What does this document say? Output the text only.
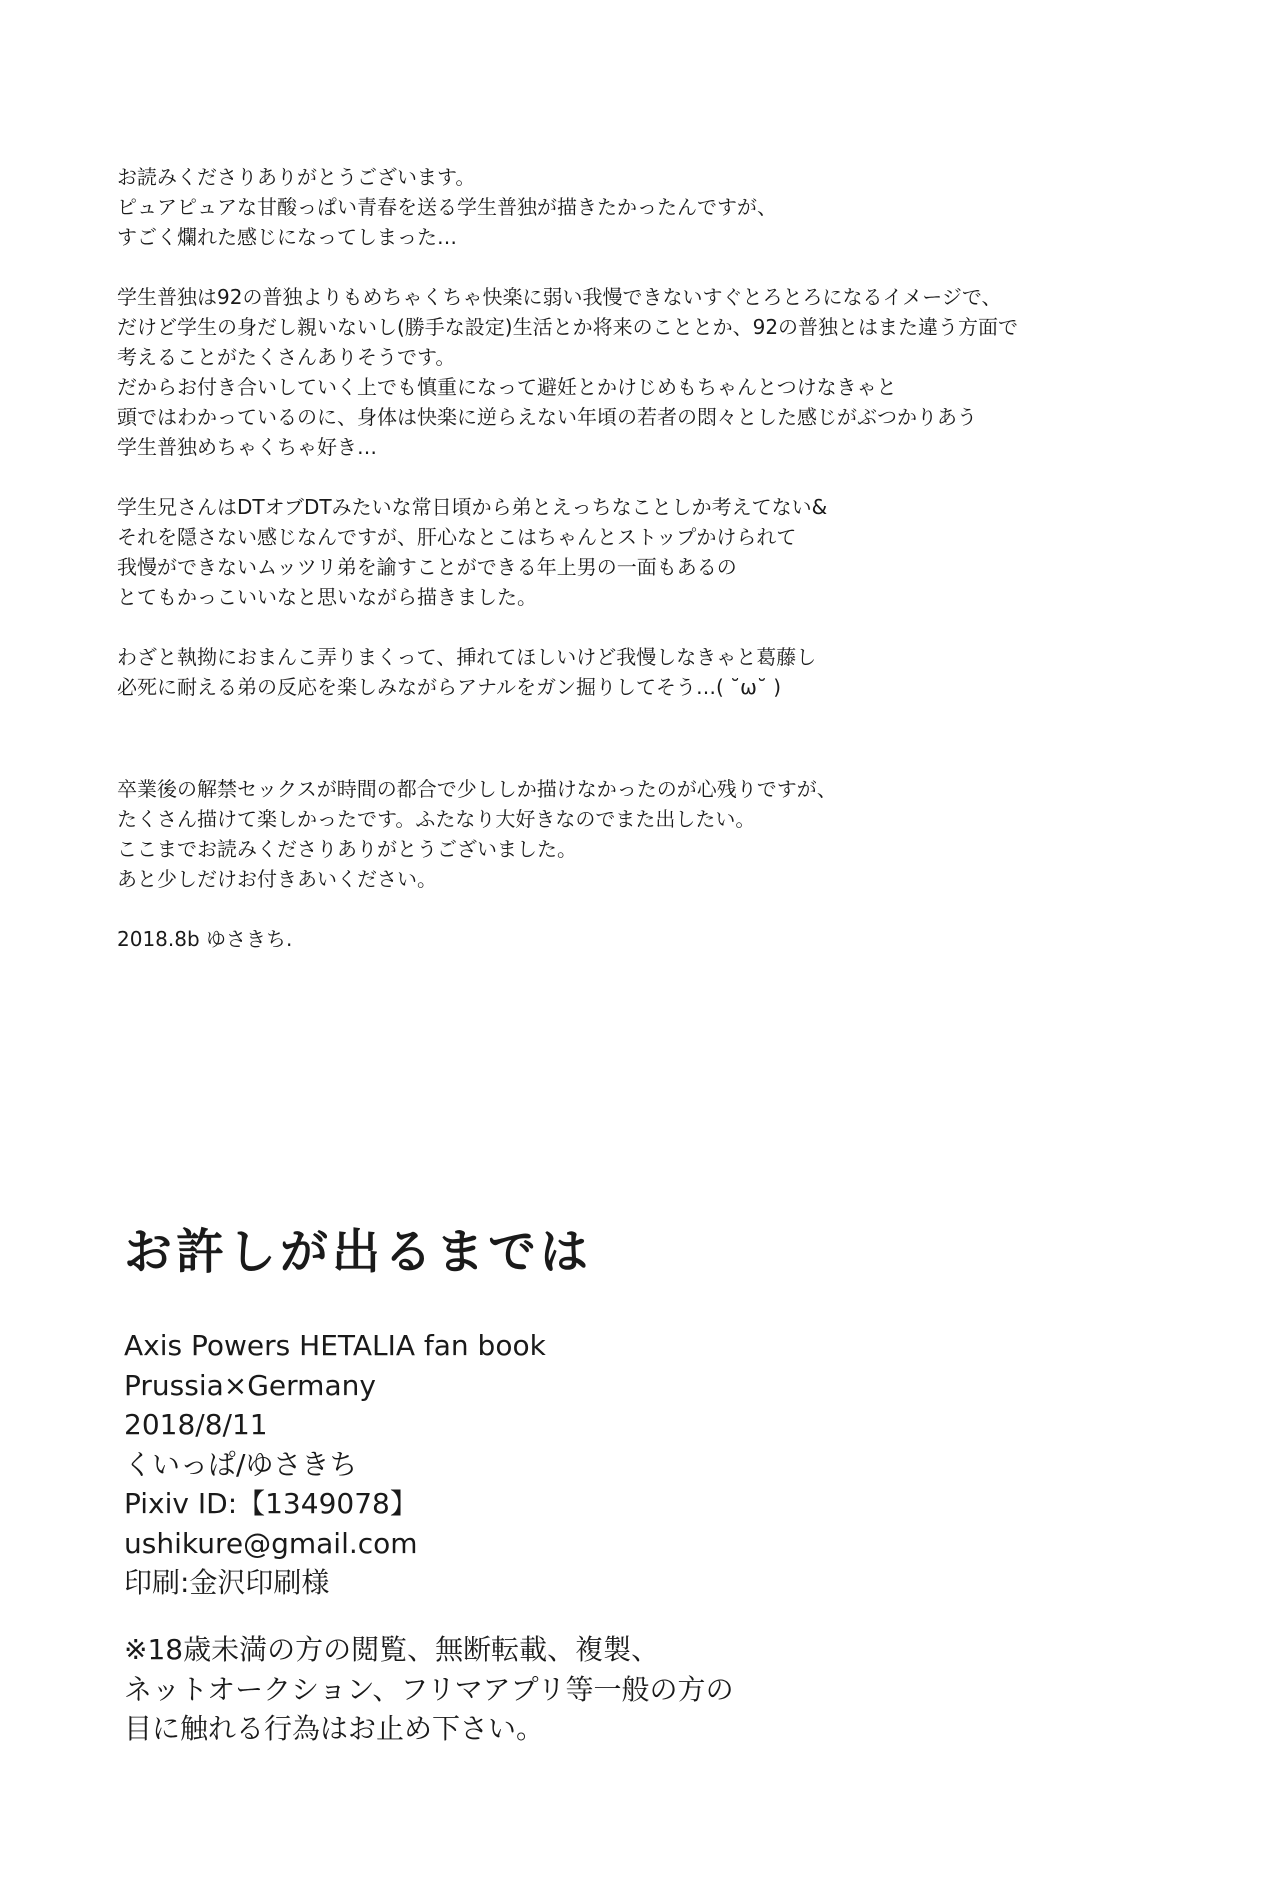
お読みくださりありがとうございます。
ピュアピュアな甘酸っぱい青春を送る学生普独が描きたかったんですが、
すごく爛れた感じになってしまった…
学生普独は92の普独よりもめちゃくちゃ快楽に弱い我慢できないすぐとろとろになるイメージで、
だけど学生の身だし親いないし(勝手な設定)生活とか将来のこととか、92の普独とはまた違う方面で
考えることがたくさんありそうです。
だからお付き合いしていく上でも慎重になって避妊とかけじめもちゃんとつけなきゃと
頭ではわかっているのに、身体は快楽に逆らえない年頃の若者の悶々とした感じがぶつかりあう
学生普独めちゃくちゃ好き…
学生兄さんはDTオブDTみたいな常日頃から弟とえっちなことしか考えてない&
それを隠さない感じなんですが、肝心なとこはちゃんとストップかけられて
我慢ができないムッツリ弟を諭すことができる年上男の一面もあるの
とてもかっこいいなと思いながら描きました。
わざと執拗におまんこ弄りまくって、挿れてほしいけど我慢しなきゃと葛藤し
必死に耐える弟の反応を楽しみながらアナルをガン掘りしてそう…( ˘ω˘ )
卒業後の解禁セックスが時間の都合で少ししか描けなかったのが心残りですが、
たくさん描けて楽しかったです。ふたなり大好きなのでまた出したい。
ここまでお読みくださりありがとうございました。
あと少しだけお付きあいください。
2018.8b ゆさきち.
お許しが出るまでは
Axis Powers HETALIA fan book
Prussia×Germany
2018/8/11
くいっぱ/ゆさきち
Pixiv ID:【1349078】
ushikure@gmail.com
印刷:金沢印刷様
※18歳未満の方の閲覧、無断転載、複製、
ネットオークション、フリマアプリ等一般の方の
目に触れる行為はお止め下さい。
